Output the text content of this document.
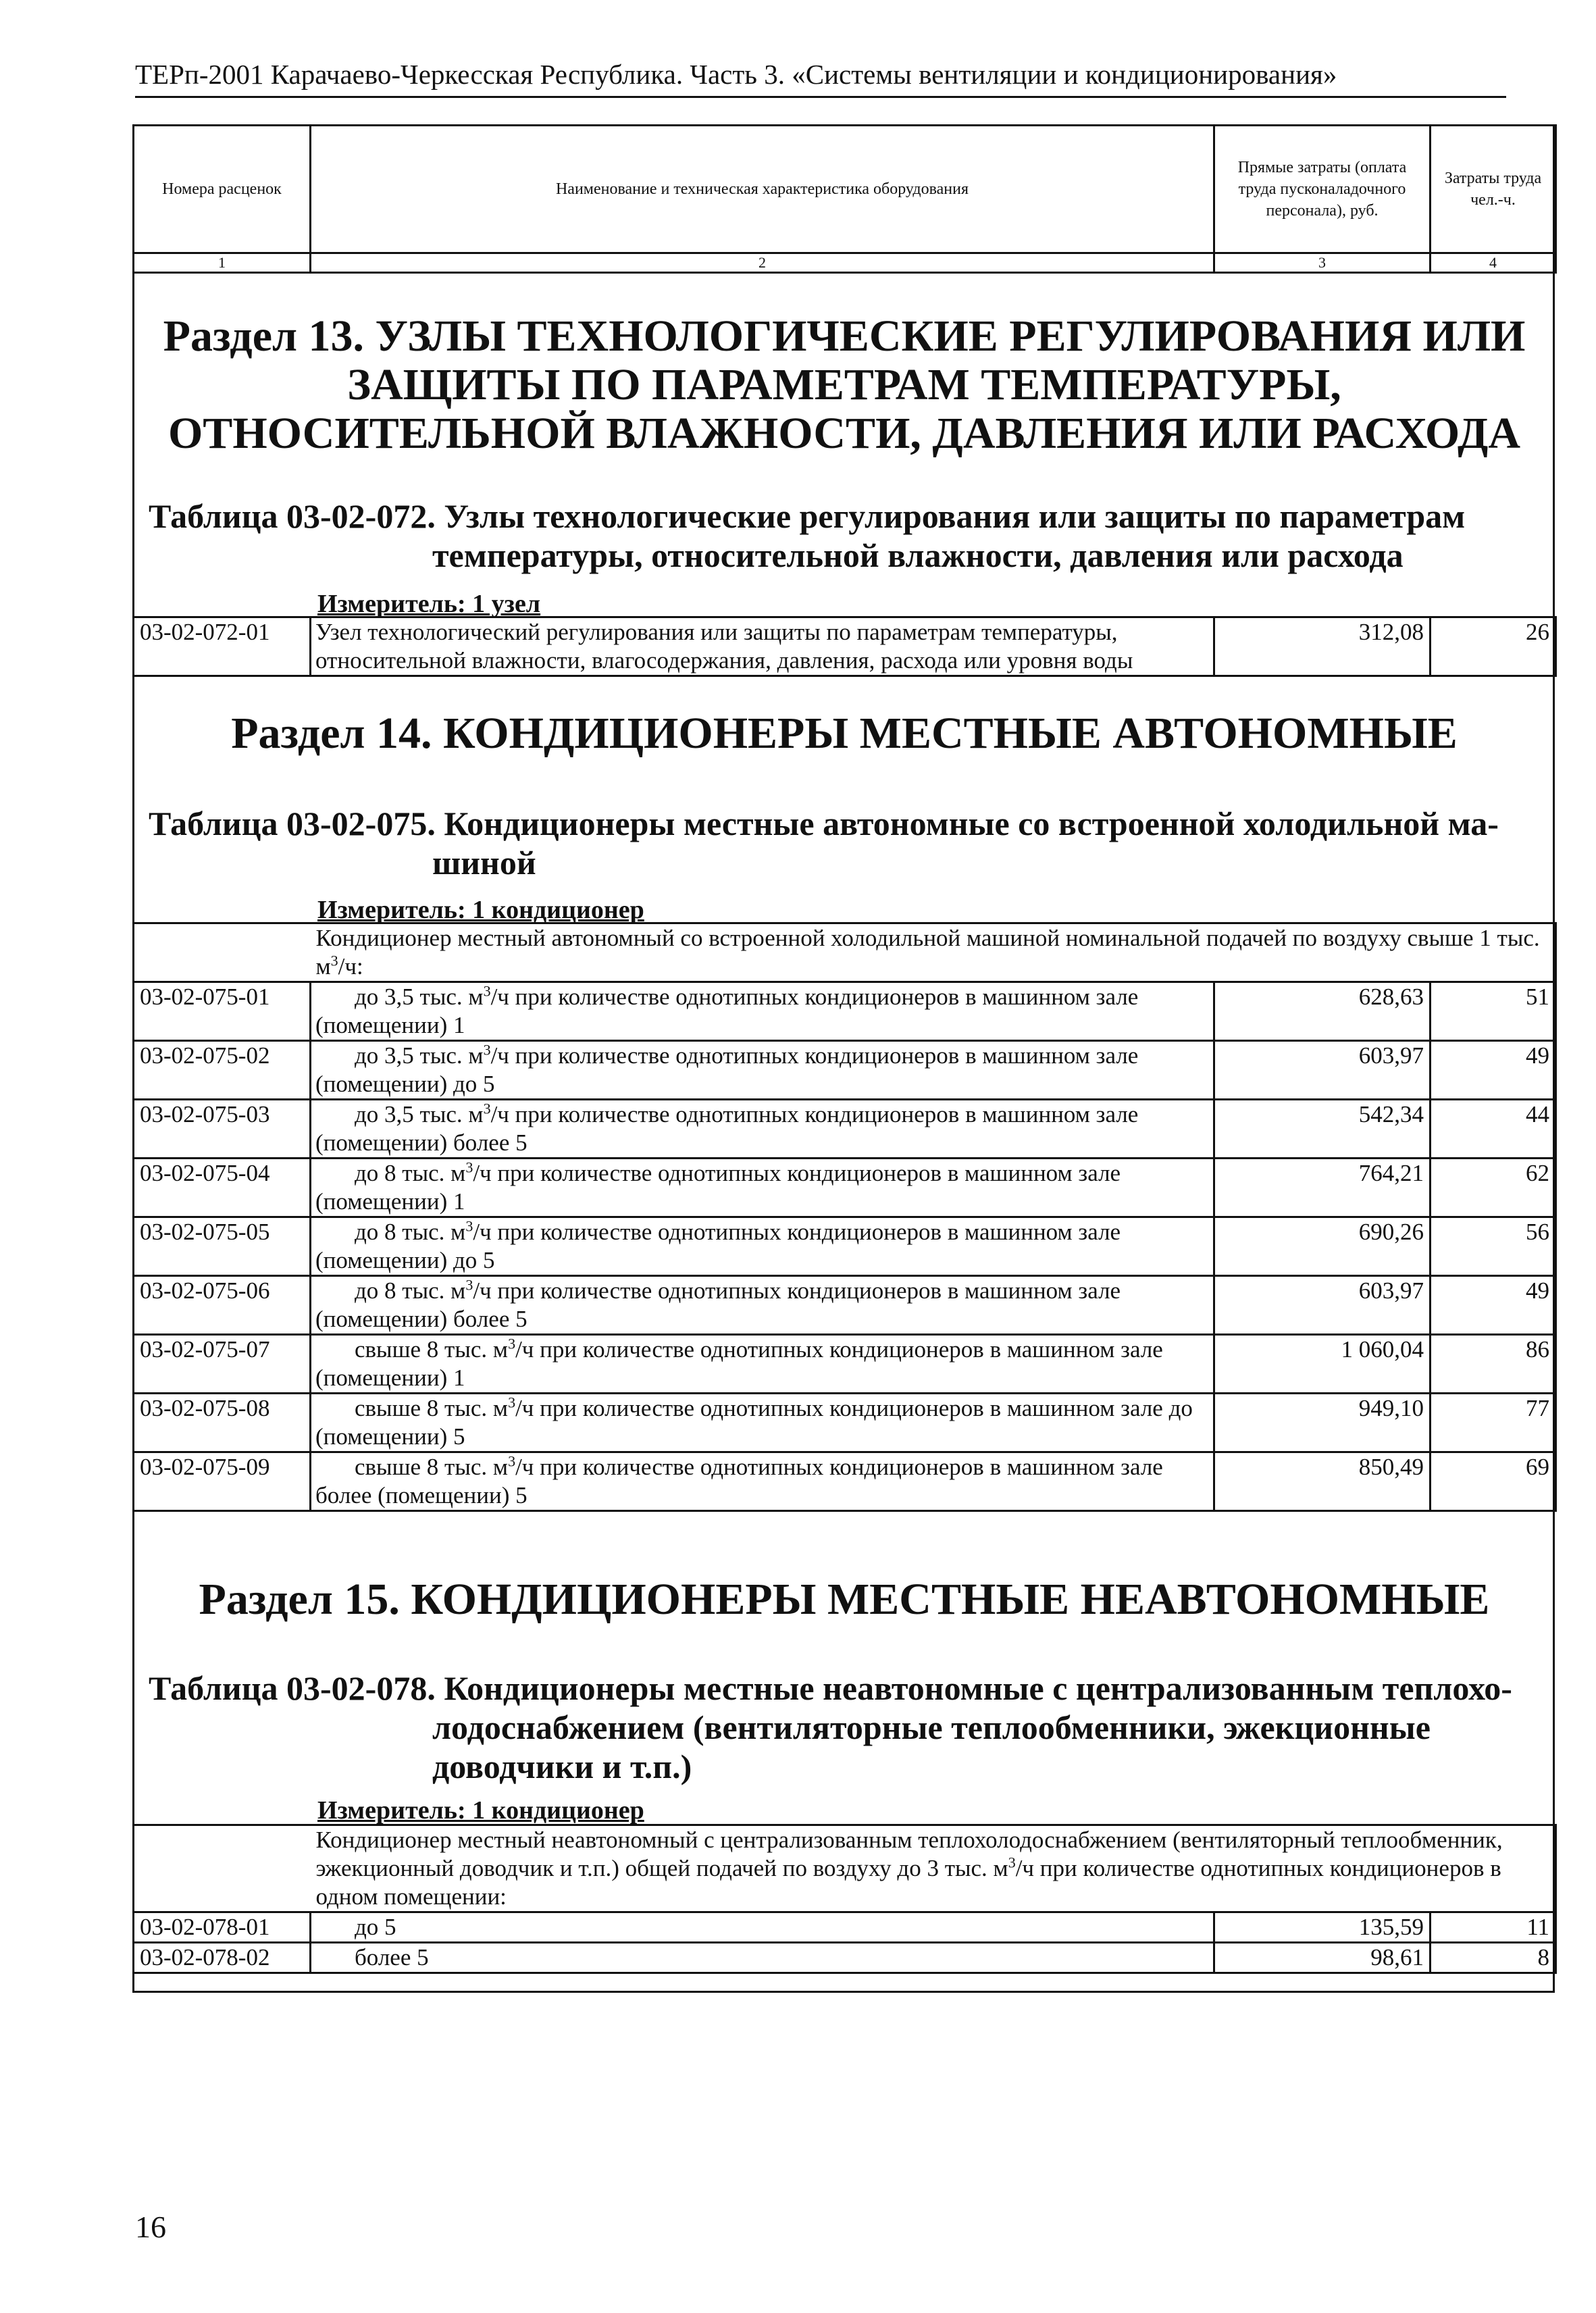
ТЕРп-2001 Карачаево-Черкесская Республика. Часть 3. «Системы вентиляции и кондиционирования»
Номера расценок	Наименование и техническая характеристика оборудования	Прямые затраты (оплата труда пусконаладочного персонала), руб.	Затраты труда чел.-ч.
1	2	3	4
Раздел 13. УЗЛЫ ТЕХНОЛОГИЧЕСКИЕ РЕГУЛИРОВАНИЯ ИЛИ ЗАЩИТЫ ПО ПАРАМЕТРАМ ТЕМПЕРАТУРЫ, ОТНОСИТЕЛЬНОЙ ВЛАЖНОСТИ, ДАВЛЕНИЯ ИЛИ РАСХОДА
Таблица 03-02-072. Узлы технологические регулирования или защиты по параметрам
температуры, относительной влажности, давления или расхода
Измеритель: 1 узел
03-02-072-01	Узел технологический регулирования или защиты по параметрам температуры, относительной влажности, влагосодержания, давления, расхода или уровня воды	312,08	26
Раздел 14. КОНДИЦИОНЕРЫ МЕСТНЫЕ АВТОНОМНЫЕ
Таблица 03-02-075. Кондиционеры местные автономные со встроенной холодильной ма-
шиной
Измеритель: 1 кондиционер
	Кондиционер местный автономный со встроенной холодильной машиной номинальной подачей по воздуху свыше 1 тыс. $м^3/ч$:		
03-02-075-01	до 3,5 тыс. $м^3/ч$ при количестве однотипных кондиционеров в машинном зале (помещении) 1	628,63	51
03-02-075-02	до 3,5 тыс. $м^3/ч$ при количестве однотипных кондиционеров в машинном зале (помещении) до 5	603,97	49
03-02-075-03	до 3,5 тыс. $м^3/ч$ при количестве однотипных кондиционеров в машинном зале (помещении) более 5	542,34	44
03-02-075-04	до 8 тыс. $м^3/ч$ при количестве однотипных кондиционеров в машинном зале (помещении) 1	764,21	62
03-02-075-05	до 8 тыс. $м^3/ч$ при количестве однотипных кондиционеров в машинном зале (помещении) до 5	690,26	56
03-02-075-06	до 8 тыс. $м^3/ч$ при количестве однотипных кондиционеров в машинном зале (помещении) более 5	603,97	49
03-02-075-07	свыше 8 тыс. $м^3/ч$ при количестве однотипных кондиционеров в машинном зале (помещении) 1	1 060,04	86
03-02-075-08	свыше 8 тыс. $м^3/ч$ при количестве однотипных кондиционеров в машинном зале до (помещении) 5	949,10	77
03-02-075-09	свыше 8 тыс. $м^3/ч$ при количестве однотипных кондиционеров в машинном зале более (помещении) 5	850,49	69
Раздел 15. КОНДИЦИОНЕРЫ МЕСТНЫЕ НЕАВТОНОМНЫЕ
Таблица 03-02-078. Кондиционеры местные неавтономные с централизованным теплохо-
лодоснабжением (вентиляторные теплообменники, эжекционные доводчики и т.п.)
Измеритель: 1 кондиционер
	Кондиционер местный неавтономный с централизованным теплохолодоснабжением (вентиляторный теплообменник, эжекционный доводчик и т.п.) общей подачей по воздуху до 3 тыс. $м^3/ч$ при количестве однотипных кондиционеров в одном помещении:		
03-02-078-01	до 5	135,59	11
03-02-078-02	более 5	98,61	8
16
